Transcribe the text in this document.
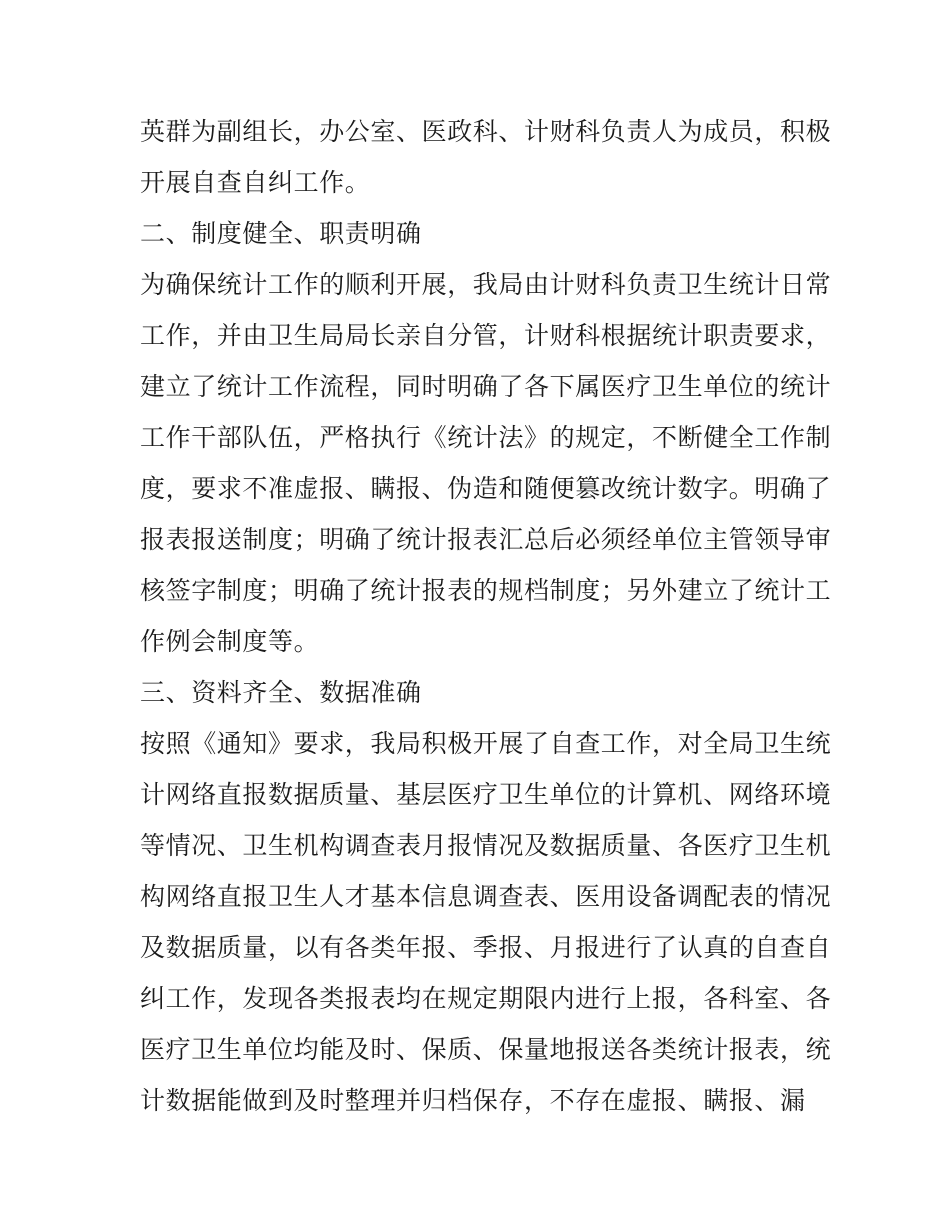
英群为副组长，办公室、医政科、计财科负责人为成员，积极
开展自查自纠工作。
二、制度健全、职责明确
为确保统计工作的顺利开展，我局由计财科负责卫生统计日常
工作，并由卫生局局长亲自分管，计财科根据统计职责要求，
建立了统计工作流程，同时明确了各下属医疗卫生单位的统计
工作干部队伍，严格执行《统计法》的规定，不断健全工作制
度，要求不准虚报、瞒报、伪造和随便篡改统计数字。明确了
报表报送制度；明确了统计报表汇总后必须经单位主管领导审
核签字制度；明确了统计报表的规档制度；另外建立了统计工
作例会制度等。
三、资料齐全、数据准确
按照《通知》要求，我局积极开展了自查工作，对全局卫生统
计网络直报数据质量、基层医疗卫生单位的计算机、网络环境
等情况、卫生机构调查表月报情况及数据质量、各医疗卫生机
构网络直报卫生人才基本信息调查表、医用设备调配表的情况
及数据质量，以有各类年报、季报、月报进行了认真的自查自
纠工作，发现各类报表均在规定期限内进行上报，各科室、各
医疗卫生单位均能及时、保质、保量地报送各类统计报表，统
计数据能做到及时整理并归档保存，不存在虚报、瞒报、漏
